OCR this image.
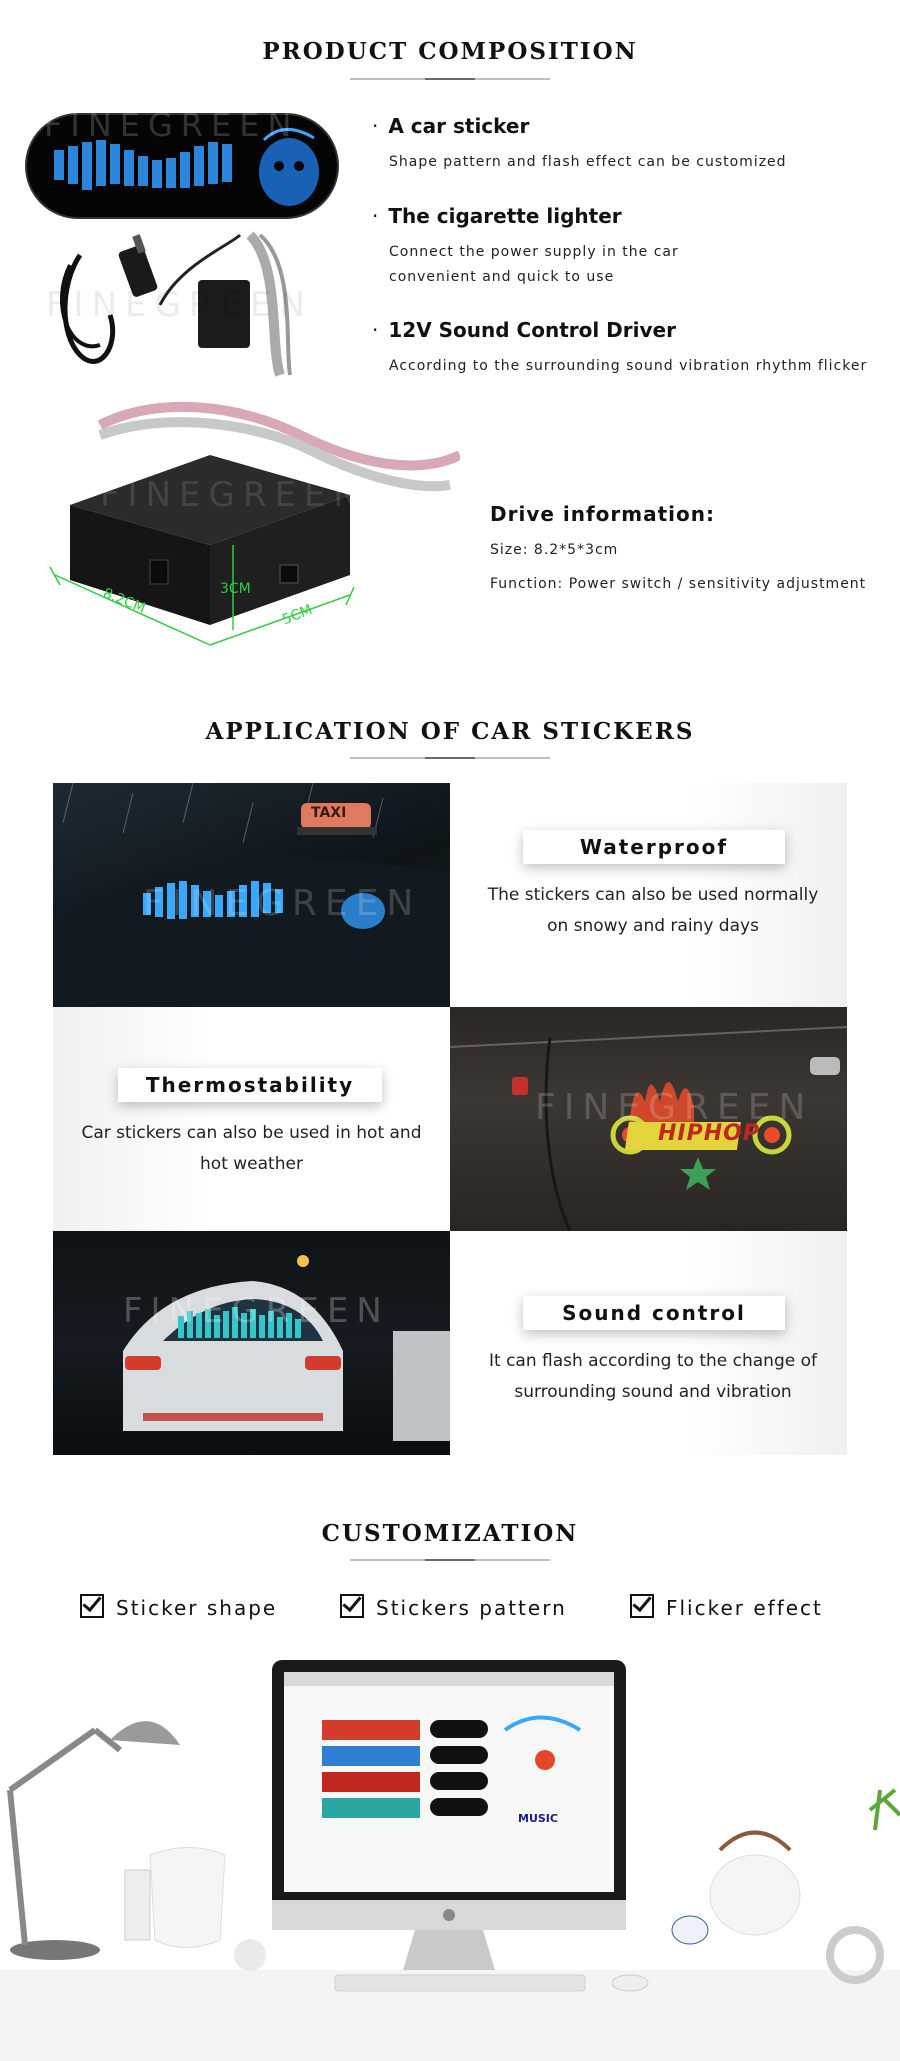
PRODUCT COMPOSITION
FINEGREEN
FINEGREEN
· A car sticker
Shape pattern and flash effect can be customized
· The cigarette lighter
Connect the power supply in the car
convenient and quick to use
· 12V Sound Control Driver
According to the surrounding sound vibration rhythm flicker
8.2CM	5CM
3CM
FINEGREEN	Drive information:
Size: 8.2*5*3cm
Function: Power switch / sensitivity adjustment
APPLICATION OF CAR STICKERS
TAXI
FINEGREEN
Waterproof
The stickers can also be used normally
on snowy and rainy days
Thermostability
Car stickers can also be used in hot and
hot weather
HIPHOP
FINEGREEN
FINEGREEN	Sound control
It can flash according to the change of
surrounding sound and vibration
CUSTOMIZATION
Sticker shape	Stickers pattern	Flicker effect
MUSIC
